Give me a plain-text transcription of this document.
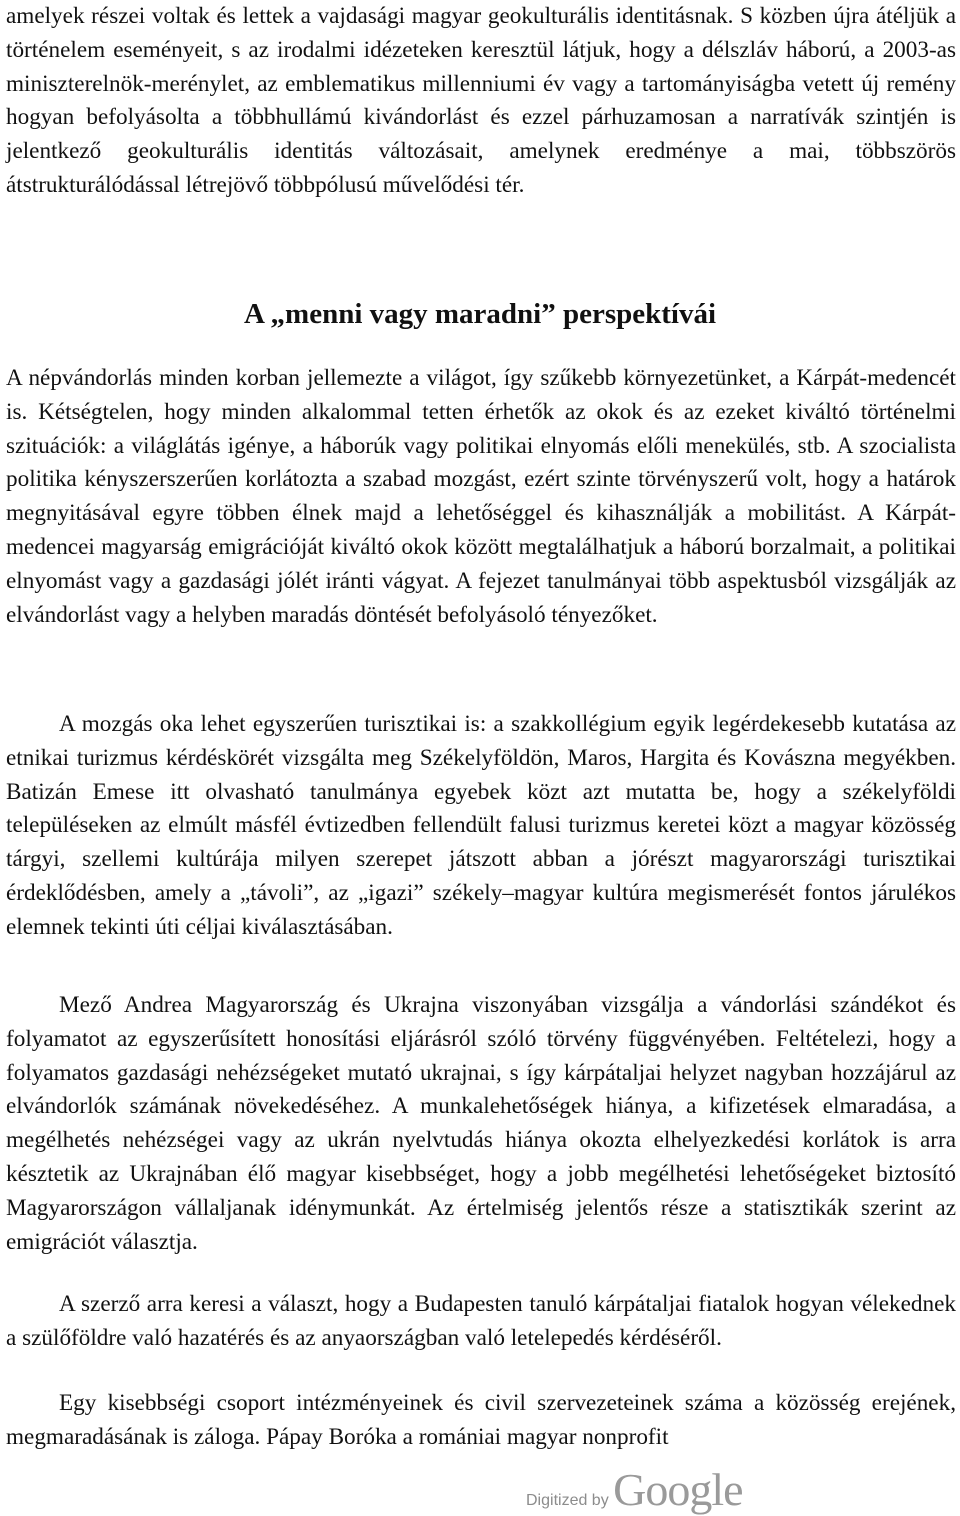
amelyek részei voltak és lettek a vajdasági magyar geokulturális identitásnak. S közben újra átéljük a történelem eseményeit, s az irodalmi idézeteken keresztül látjuk, hogy a délszláv háború, a 2003-as miniszterelnök-merénylet, az emblematikus millenniumi év vagy a tartományiságba vetett új remény hogyan befolyásolta a többhullámú kivándorlást és ezzel párhuzamosan a narratívák szintjén is jelentkező geokulturális identitás változásait, amelynek eredménye a mai, többszörös átstrukturálódással létrejövő többpólusú művelődési tér.

A „menni vagy maradni” perspektívái

A népvándorlás minden korban jellemezte a világot, így szűkebb környezetünket, a Kárpát-medencét is. Kétségtelen, hogy minden alkalommal tetten érhetők az okok és az ezeket kiváltó történelmi szituációk: a világlátás igénye, a háborúk vagy politikai elnyomás előli menekülés, stb. A szocialista politika kényszerszerűen korlátozta a szabad mozgást, ezért szinte törvényszerű volt, hogy a határok megnyitásával egyre többen élnek majd a lehetőséggel és kihasználják a mobilitást. A Kárpát-medencei magyarság emigrációját kiváltó okok között megtalálhatjuk a háború borzalmait, a politikai elnyomást vagy a gazdasági jólét iránti vágyat. A fejezet tanulmányai több aspektusból vizsgálják az elvándorlást vagy a helyben maradás döntését befolyásoló tényezőket.

A mozgás oka lehet egyszerűen turisztikai is: a szakkollégium egyik legérdekesebb kutatása az etnikai turizmus kérdéskörét vizsgálta meg Székelyföldön, Maros, Hargita és Kovászna megyékben. Batizán Emese itt olvasható tanulmánya egyebek közt azt mutatta be, hogy a székelyföldi településeken az elmúlt másfél évtizedben fellendült falusi turizmus keretei közt a magyar közösség tárgyi, szellemi kultúrája milyen szerepet játszott abban a jórészt magyarországi turisztikai érdeklődésben, amely a „távoli”, az „igazi” székely–magyar kultúra megismerését fontos járulékos elemnek tekinti úti céljai kiválasztásában.

Mező Andrea Magyarország és Ukrajna viszonyában vizsgálja a vándorlási szándékot és folyamatot az egyszerűsített honosítási eljárásról szóló törvény függvényében. Feltételezi, hogy a folyamatos gazdasági nehézségeket mutató ukrajnai, s így kárpátaljai helyzet nagyban hozzájárul az elvándorlók számának növekedéséhez. A munkalehetőségek hiánya, a kifizetések elmaradása, a megélhetés nehézségei vagy az ukrán nyelvtudás hiánya okozta elhelyezkedési korlátok is arra késztetik az Ukrajnában élő magyar kisebbséget, hogy a jobb megélhetési lehetőségeket biztosító Magyarországon vállaljanak idénymunkát. Az értelmiség jelentős része a statisztikák szerint az emigrációt választja.

A szerző arra keresi a választ, hogy a Budapesten tanuló kárpátaljai fiatalok hogyan vélekednek a szülőföldre való hazatérés és az anyaországban való letelepedés kérdéséről.

Egy kisebbségi csoport intézményeinek és civil szervezeteinek száma a közösség erejének, megmaradásának is záloga. Pápay Boróka a romániai magyar nonprofit

Digitized by Google
